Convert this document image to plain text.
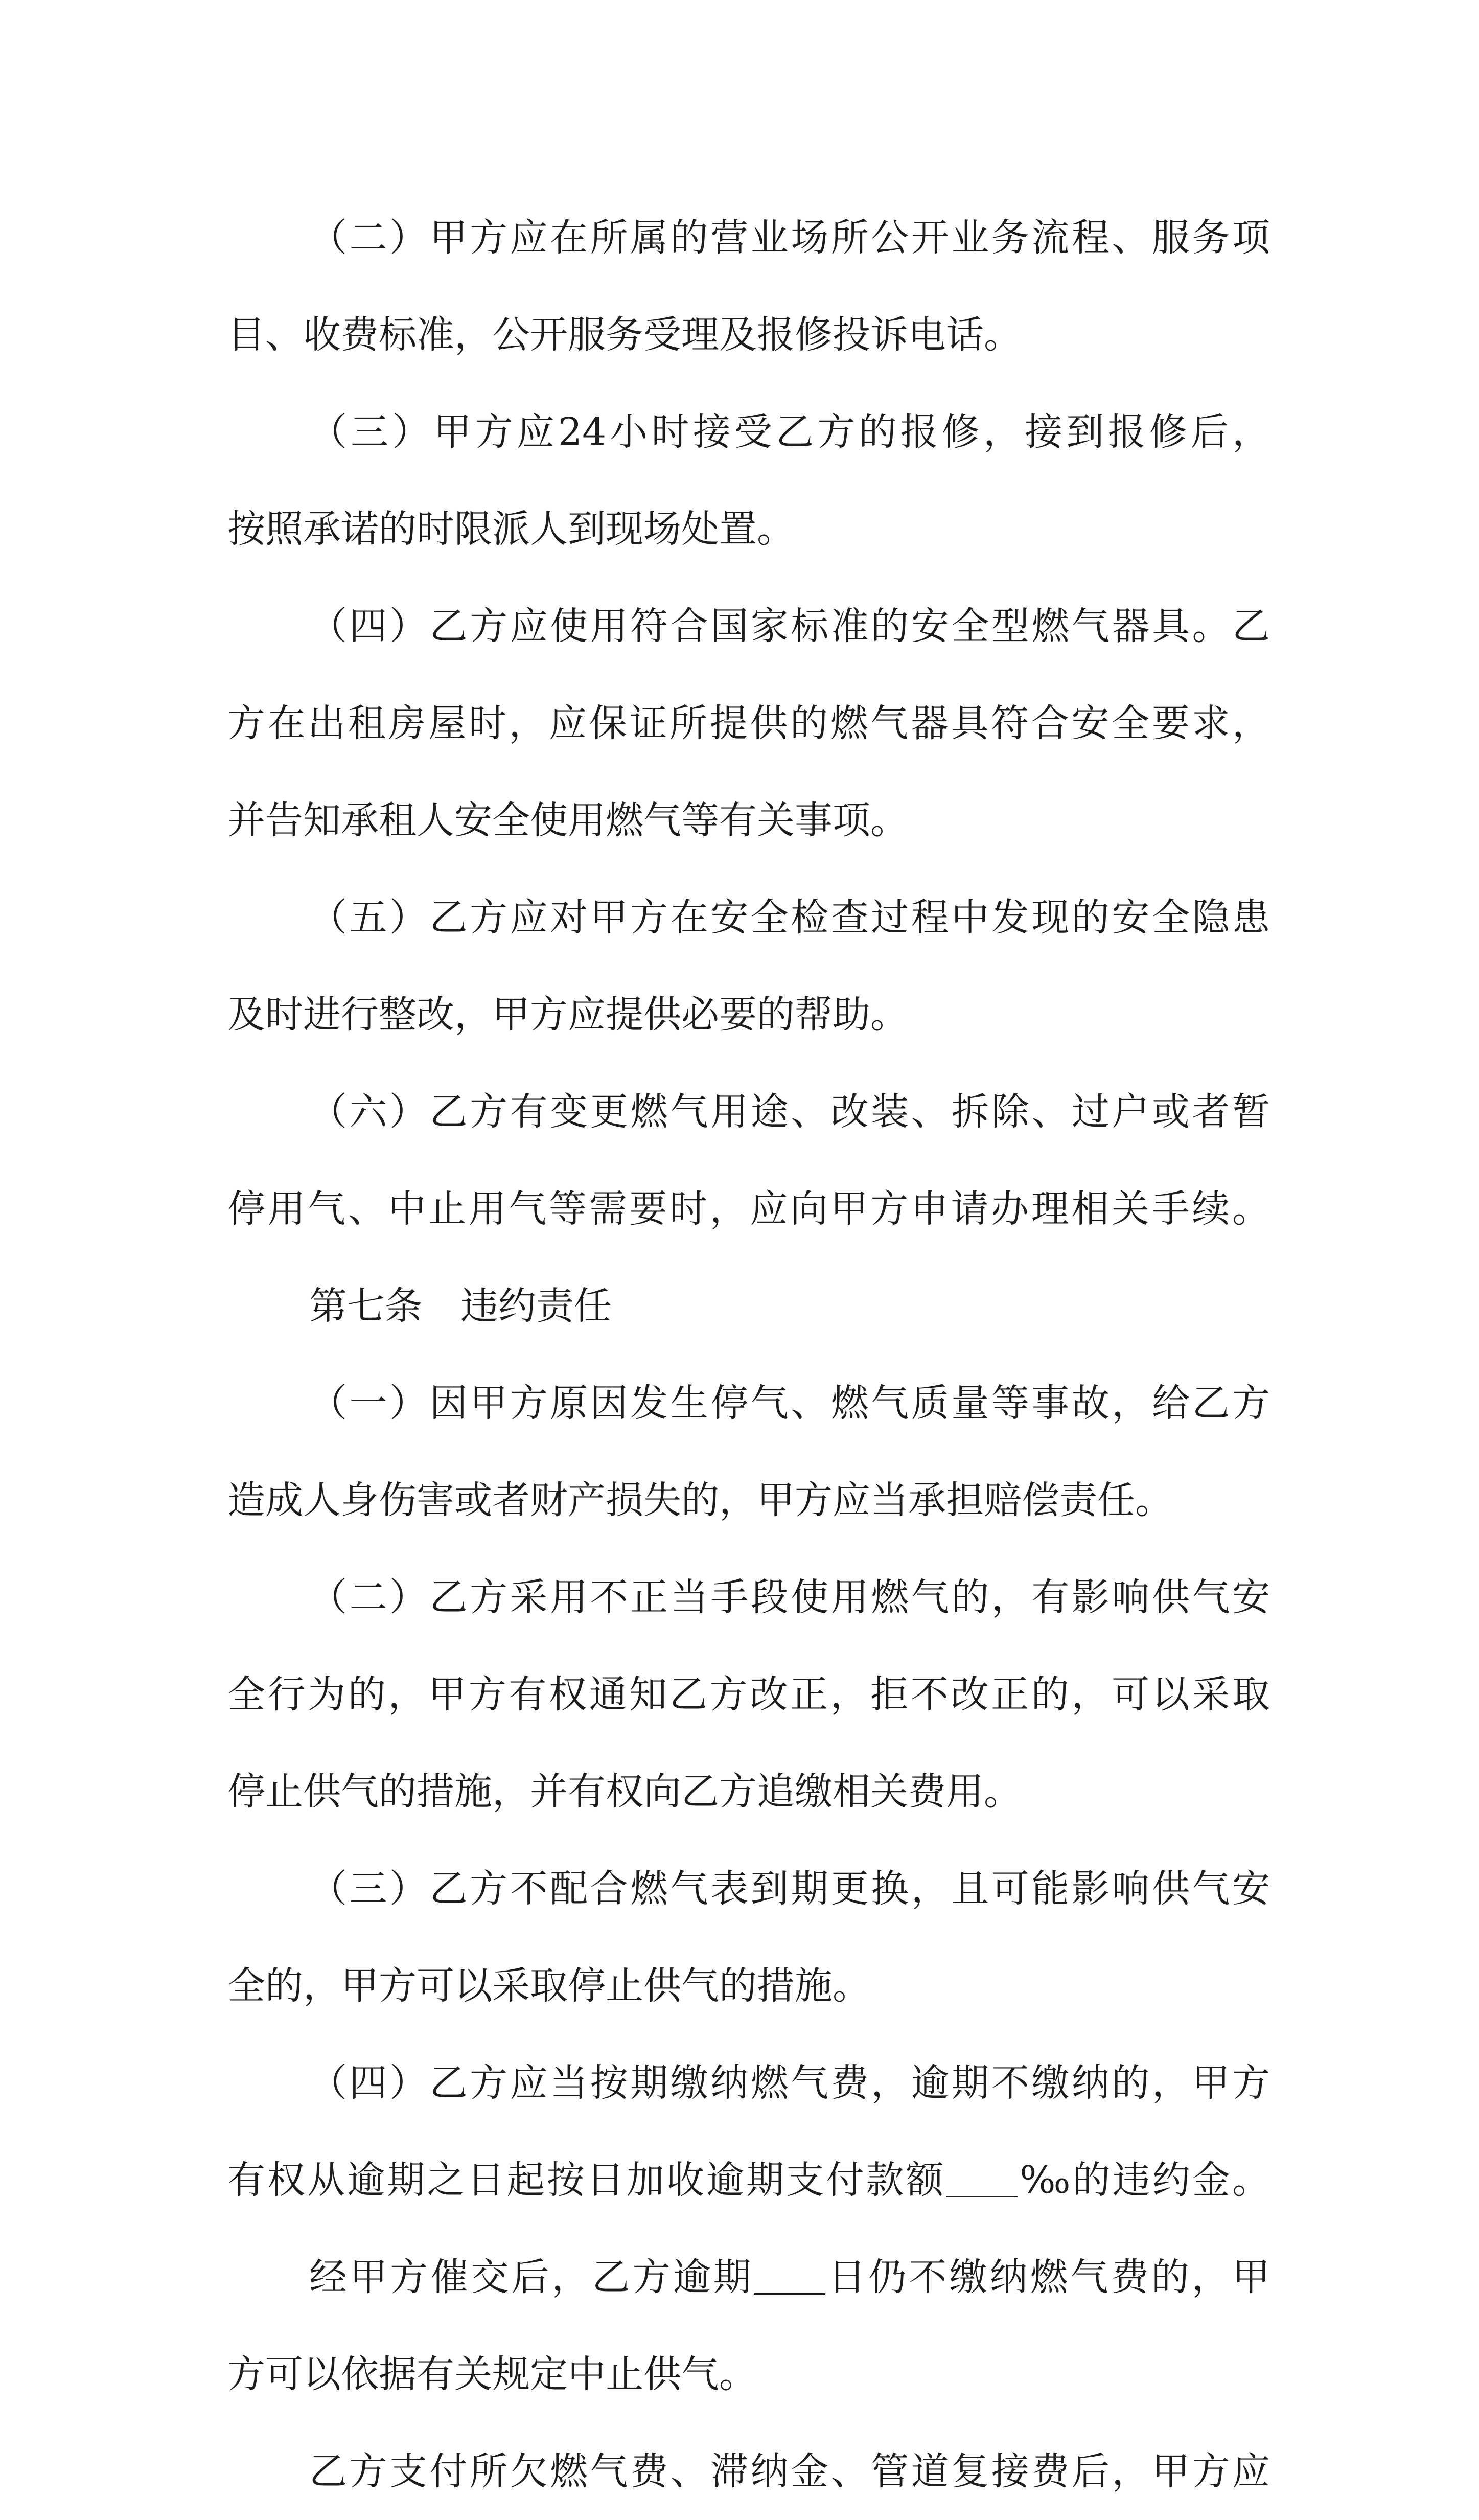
（二）甲方应在所属的营业场所公开业务流程、服务项
目、收费标准，公开服务受理及报修投诉电话。
（三）甲方应24小时接受乙方的报修，接到报修后，
按照承诺的时限派人到现场处置。
（四）乙方应使用符合国家标准的安全型燃气器具。乙
方在出租房屋时，应保证所提供的燃气器具符合安全要求，
并告知承租人安全使用燃气等有关事项。
（五）乙方应对甲方在安全检查过程中发现的安全隐患
及时进行整改，甲方应提供必要的帮助。
（六）乙方有变更燃气用途、改装、拆除、过户或者暂
停用气、中止用气等需要时，应向甲方申请办理相关手续。
第七条　违约责任
（一）因甲方原因发生停气、燃气质量等事故，给乙方
造成人身伤害或者财产损失的，甲方应当承担赔偿责任。
（二）乙方采用不正当手段使用燃气的，有影响供气安
全行为的，甲方有权通知乙方改正，拒不改正的，可以采取
停止供气的措施，并有权向乙方追缴相关费用。
（三）乙方不配合燃气表到期更换，且可能影响供气安
全的，甲方可以采取停止供气的措施。
（四）乙方应当按期缴纳燃气费，逾期不缴纳的，甲方
有权从逾期之日起按日加收逾期支付款额 ‰的违约金。
经甲方催交后，乙方逾期 日仍不缴纳燃气费的，甲
方可以依据有关规定中止供气。
乙方支付所欠燃气费、滞纳金、管道复接费后，甲方应
